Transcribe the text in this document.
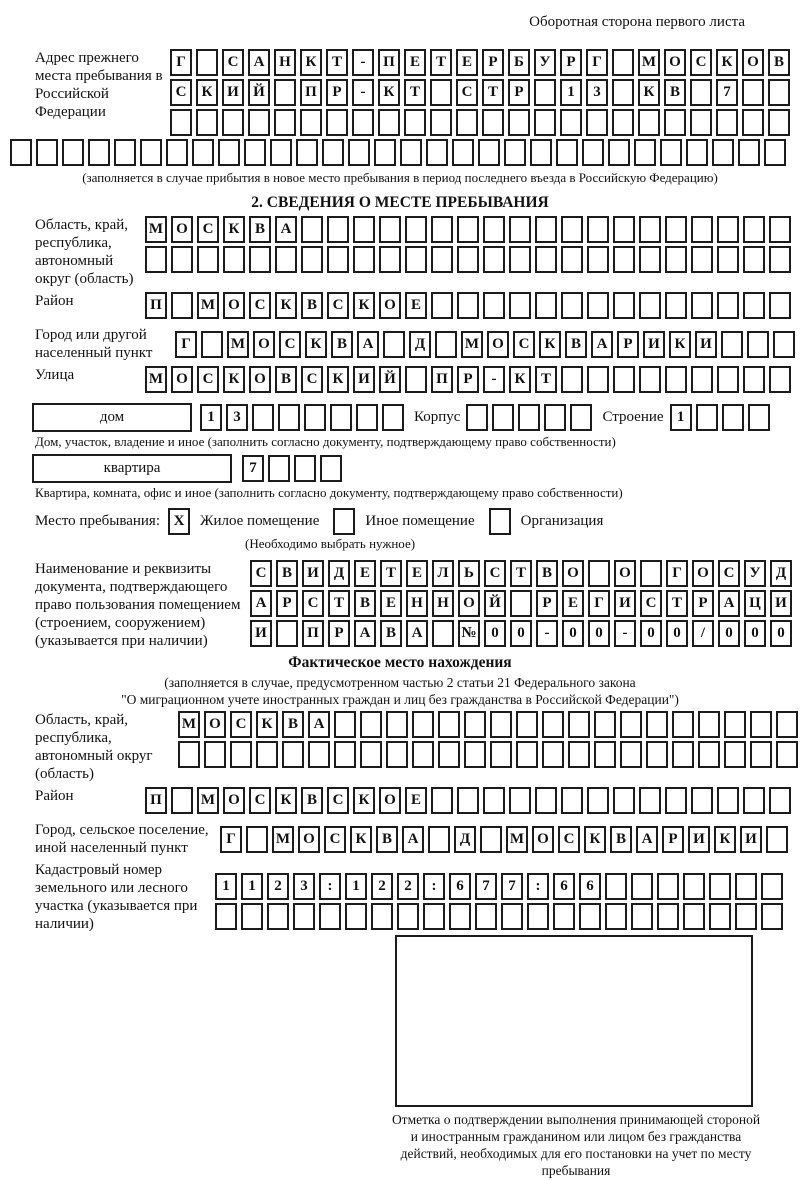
Оборотная сторона первого листа
Адрес прежнего места пребывания в Российской Федерации
Г	С	А Н К	Т	-	П	Е	Т	Е	Р	Б	У	Р	Г	М О С	К О	В
С	К И Й	П	Р	-	К	Т	С	Т	Р	1	3	К	В	7
(заполняется в случае прибытия в новое место пребывания в период последнего въезда в Российскую Федерацию)
2. СВЕДЕНИЯ О МЕСТЕ ПРЕБЫВАНИЯ
Область, край, республика, автономный округ (область)
М О С	К	В	А
Район	П	М О С	К	В	С	К О	Е
Город или другой населенный пункт
Г	М О С	К	В	А	Д	М О С	К	В	А	Р	И К И
Улица	М О С	К О	В	С	К И Й	П	Р	-	К	Т
дом	1	3	Корпус	Строение 1
Дом, участок, владение и иное (заполнить согласно документу, подтверждающему право собственности)
квартира	7
Квартира, комната, офис и иное (заполнить согласно документу, подтверждающему право собственности)
Место пребывания: X	Жилое помещение	Иное помещение	Организация
(Необходимо выбрать нужное)
Наименование и реквизиты документа, подтверждающего право пользования помещением (строением, сооружением) (указывается при наличии)
С	В	И	Д	Е	Т	Е	Л	Ь	С	Т	В	О	О	Г	О С	У	Д
А	Р	С	Т	В	Е	Н Н О Й	Р	Е	Г	И С	Т	Р	А Ц И
И	П	Р	А	В	А	№ 0	0	-	0	0	-	0	0	/	0	0	0
Фактическое место нахождения
(заполняется в случае, предусмотренном частью 2 статьи 21 Федерального закона
"О миграционном учете иностранных граждан и лиц без гражданства в Российской Федерации")
Область, край, республика, автономный округ (область)
М О С	К	В	А
Район	П	М О С	К	В	С	К О	Е
Город, сельское поселение, иной населенный пункт
Г	М О С	К	В	А	Д	М О С	К	В	А	Р	И К И
Кадастровый номер земельного или лесного участка (указывается при наличии)
1	1	2	3	:	1	2	2	:	6	7	7	:	6	6
Отметка о подтверждении выполнения принимающей стороной и иностранным гражданином или лицом без гражданства действий, необходимых для его постановки на учет по месту пребывания
